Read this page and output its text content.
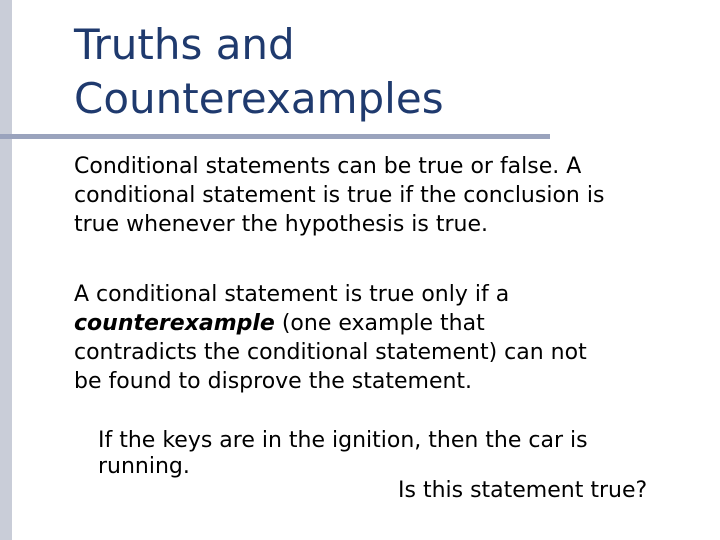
Truths and Counterexamples
Conditional statements can be true or false. A conditional statement is true if the conclusion is true whenever the hypothesis is true.
A conditional statement is true only if a counterexample (one example that contradicts the conditional statement) can not be found to disprove the statement.
If the keys are in the ignition, then the car is running.
Is this statement true?
